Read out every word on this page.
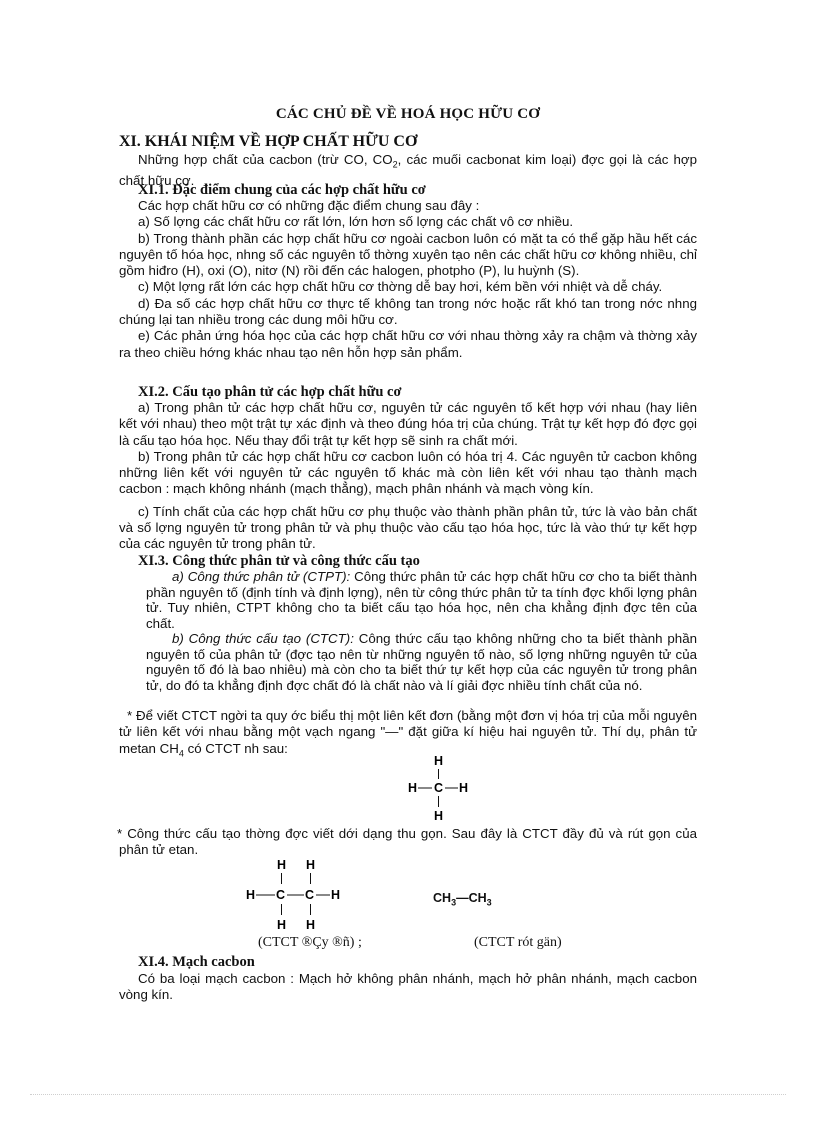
CÁC CHỦ ĐỀ VỀ HOÁ HỌC HỮU CƠ
XI. KHÁI NIỆM VỀ HỢP CHẤT HỮU CƠ

Những hợp chất của cacbon (trừ CO, $CO_2$, các muối cacbonat kim loại) đợc gọi là các hợp chất hữu cơ.

XI.1. Đặc điểm chung của các hợp chất hữu cơ

Các hợp chất hữu cơ có những đặc điểm chung sau đây :

a) Số lợng các chất hữu cơ rất lớn, lớn hơn số lợng các chất vô cơ nhiều.

b) Trong thành phần các hợp chất hữu cơ ngoài cacbon luôn có mặt ta có thể gặp hầu hết các nguyên tố hóa học, nhng số các nguyên tố thờng xuyên tạo nên các chất hữu cơ không nhiều, chỉ gồm hiđro (H), oxi (O), nitơ (N) rồi đến các halogen, photpho (P), lu huỳnh (S).

c) Một lợng rất lớn các hợp chất hữu cơ thờng dễ bay hơi, kém bền với nhiệt và dễ cháy.

d) Đa số các hợp chất hữu cơ thực tế không tan trong nớc hoặc rất khó tan trong nớc nhng chúng lại tan nhiều trong các dung môi hữu cơ.

e) Các phản ứng hóa học của các hợp chất hữu cơ với nhau thờng xảy ra chậm và thờng xảy ra theo chiều hớng khác nhau tạo nên hỗn hợp sản phẩm.

XI.2. Cấu tạo phân tử các hợp chất hữu cơ

a) Trong phân tử các hợp chất hữu cơ, nguyên tử các nguyên tố kết hợp với nhau (hay liên kết với nhau) theo một trật tự xác định và theo đúng hóa trị của chúng. Trật tự kết hợp đó đợc gọi là cấu tạo hóa học. Nếu thay đổi trật tự kết hợp sẽ sinh ra chất mới.

b) Trong phân tử các hợp chất hữu cơ cacbon luôn có hóa trị 4. Các nguyên tử cacbon không những liên kết với nguyên tử các nguyên tố khác mà còn liên kết với nhau tạo thành mạch cacbon : mạch không nhánh (mạch thẳng), mạch phân nhánh và mạch vòng kín.

c) Tính chất của các hợp chất hữu cơ phụ thuộc vào thành phần phân tử, tức là vào bản chất và số lợng nguyên tử trong phân tử và phụ thuộc vào cấu tạo hóa học, tức là vào thứ tự kết hợp của các nguyên tử trong phân tử.

XI.3. Công thức phân tử và công thức cấu tạo

a) Công thức phân tử (CTPT): Công thức phân tử các hợp chất hữu cơ cho ta biết thành phần nguyên tố (định tính và định lợng), nên từ công thức phân tử ta tính đợc khối lợng phân tử. Tuy nhiên, CTPT không cho ta biết cấu tạo hóa học, nên cha khẳng định đợc tên của chất.

b) Công thức cấu tạo (CTCT): Công thức cấu tạo không những cho ta biết thành phần nguyên tố của phân tử (đợc tạo nên từ những nguyên tố nào, số lợng những nguyên tử của nguyên tố đó là bao nhiêu) mà còn cho ta biết thứ tự kết hợp của các nguyên tử trong phân tử, do đó ta khẳng định đợc chất đó là chất nào và lí giải đợc nhiều tính chất của nó.

* Để viết CTCT ngời ta quy ớc biểu thị một liên kết đơn (bằng một đơn vị hóa trị của mỗi nguyên tử liên kết với nhau bằng một vạch ngang "—" đặt giữa kí hiệu hai nguyên tử. Thí dụ, phân tử metan $CH_4$ có CTCT nh sau:

H
H C H
H

* Công thức cấu tạo thờng đợc viết dới dạng thu gọn. Sau đây là CTCT đầy đủ và rút gọn của phân tử etan.

H H
H C C H
H H
$CH_3—CH_3$
(CTCT ®Çy ®ñ) ;	(CTCT rót gän)
XI.4. Mạch cacbon

Có ba loại mạch cacbon : Mạch hở không phân nhánh, mạch hở phân nhánh, mạch cacbon vòng kín.
